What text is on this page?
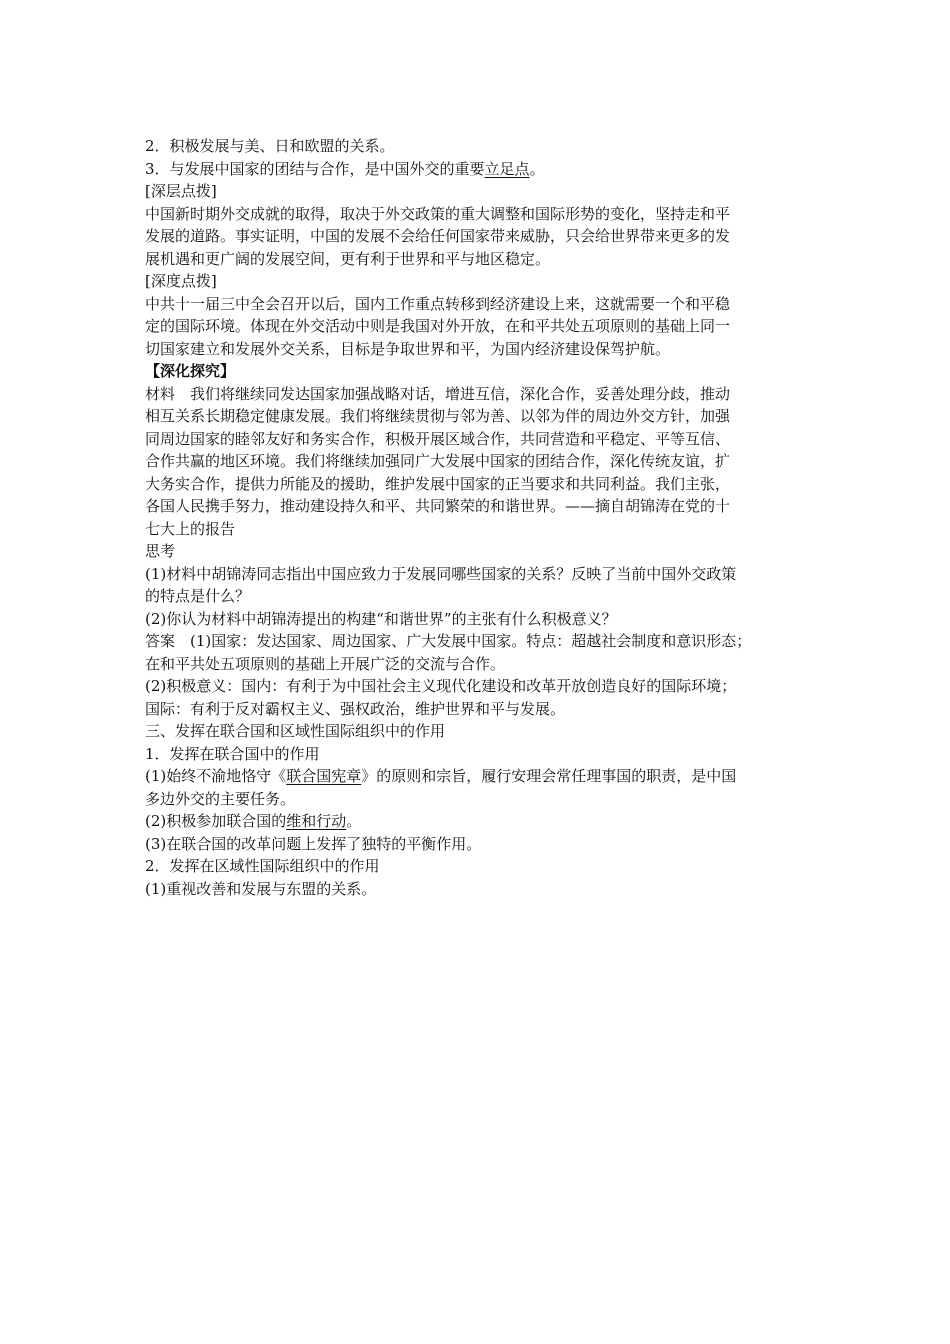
2．积极发展与美、日和欧盟的关系。
3．与发展中国家的团结与合作，是中国外交的重要立足点。
[深层点拨]
中国新时期外交成就的取得，取决于外交政策的重大调整和国际形势的变化，坚持走和平
发展的道路。事实证明，中国的发展不会给任何国家带来威胁，只会给世界带来更多的发
展机遇和更广阔的发展空间，更有利于世界和平与地区稳定。
[深度点拨]
中共十一届三中全会召开以后，国内工作重点转移到经济建设上来，这就需要一个和平稳
定的国际环境。体现在外交活动中则是我国对外开放，在和平共处五项原则的基础上同一
切国家建立和发展外交关系，目标是争取世界和平，为国内经济建设保驾护航。
【深化探究】
材料　我们将继续同发达国家加强战略对话，增进互信，深化合作，妥善处理分歧，推动
相互关系长期稳定健康发展。我们将继续贯彻与邻为善、以邻为伴的周边外交方针，加强
同周边国家的睦邻友好和务实合作，积极开展区域合作，共同营造和平稳定、平等互信、
合作共赢的地区环境。我们将继续加强同广大发展中国家的团结合作，深化传统友谊，扩
大务实合作，提供力所能及的援助，维护发展中国家的正当要求和共同利益。我们主张，
各国人民携手努力，推动建设持久和平、共同繁荣的和谐世界。——摘自胡锦涛在党的十
七大上的报告
思考
(1)材料中胡锦涛同志指出中国应致力于发展同哪些国家的关系？反映了当前中国外交政策
的特点是什么？
(2)你认为材料中胡锦涛提出的构建“和谐世界”的主张有什么积极意义？
答案　(1)国家：发达国家、周边国家、广大发展中国家。特点：超越社会制度和意识形态；
在和平共处五项原则的基础上开展广泛的交流与合作。
(2)积极意义：国内：有利于为中国社会主义现代化建设和改革开放创造良好的国际环境；
国际：有利于反对霸权主义、强权政治，维护世界和平与发展。
三、发挥在联合国和区域性国际组织中的作用
1．发挥在联合国中的作用
(1)始终不渝地恪守《联合国宪章》的原则和宗旨，履行安理会常任理事国的职责，是中国
多边外交的主要任务。
(2)积极参加联合国的维和行动。
(3)在联合国的改革问题上发挥了独特的平衡作用。
2．发挥在区域性国际组织中的作用
(1)重视改善和发展与东盟的关系。
